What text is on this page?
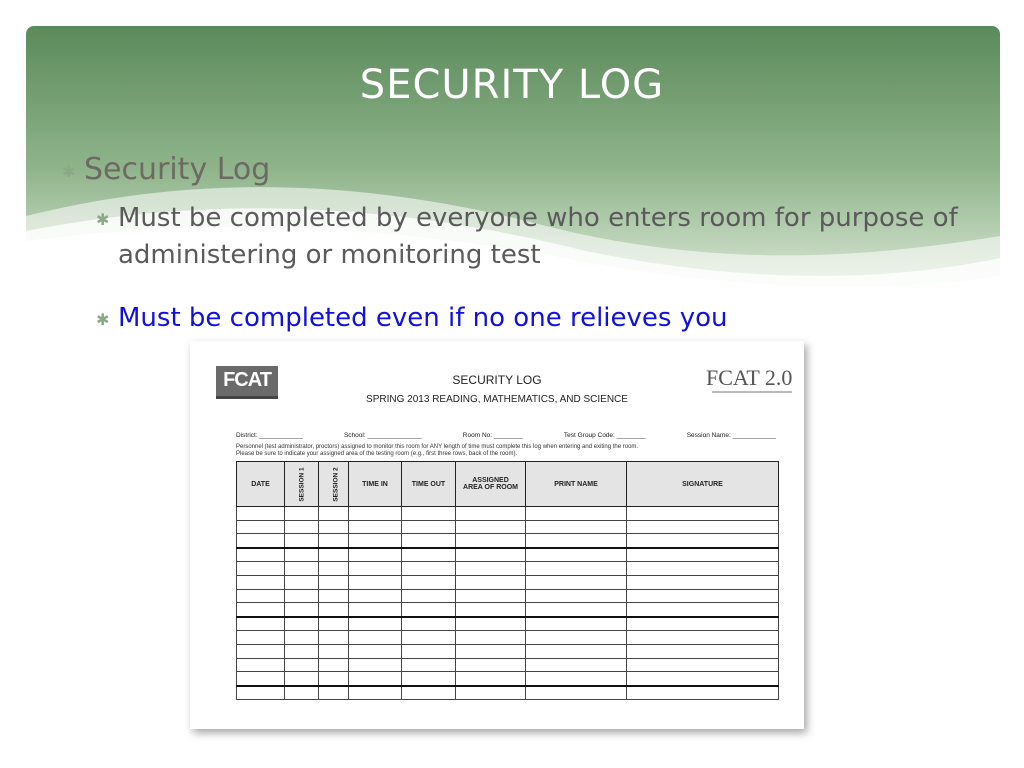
SECURITY LOG
✱ Security Log
✱ Must be completed by everyone who enters room for purpose of administering or monitoring test
✱ Must be completed even if no one relieves you
FCAT	FCAT 2.0
SECURITY LOG
SPRING 2013 READING, MATHEMATICS, AND SCIENCE
District: ____________	School: _______________	Room No: ________	Test Group Code: ________	Session Name: ____________
Personnel (test administrator, proctors) assigned to monitor this room for ANY length of time must complete this log when entering and exiting the room.
Please be sure to indicate your assigned area of the testing room (e.g., first three rows, back of the room).
DATE	SESSION 1	SESSION 2	TIME IN	TIME OUT	ASSIGNED AREA OF ROOM	PRINT NAME	SIGNATURE
